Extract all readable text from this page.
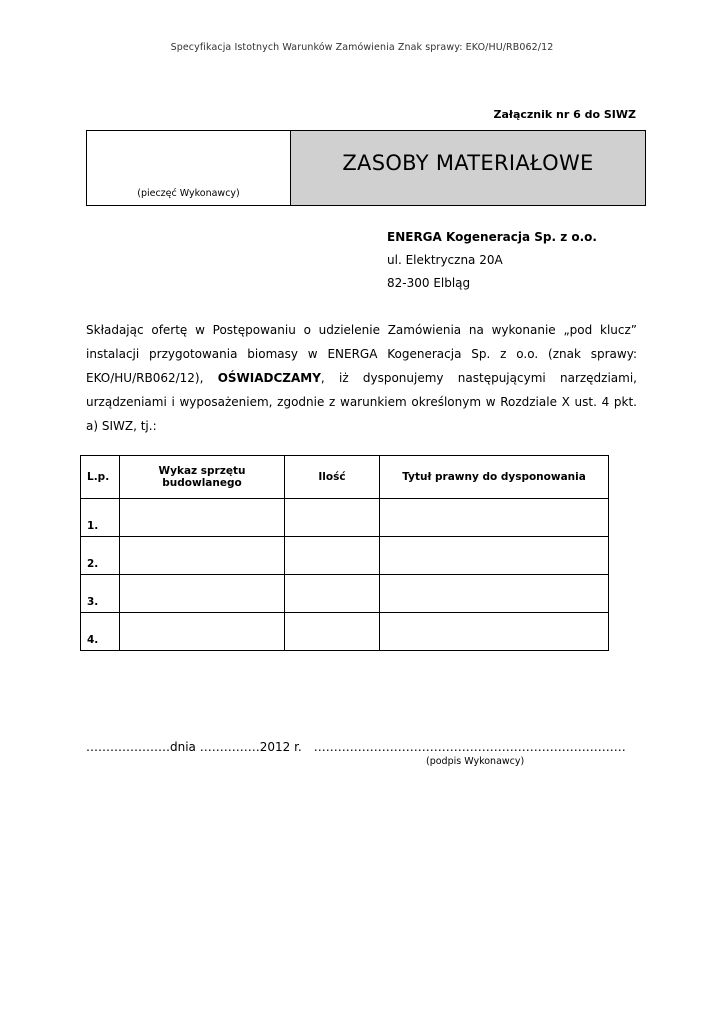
Specyfikacja Istotnych Warunków Zamówienia Znak sprawy: EKO/HU/RB062/12
Załącznik nr 6 do SIWZ
(pieczęć Wykonawcy)
ZASOBY MATERIAŁOWE
ENERGA Kogeneracja Sp. z o.o.
ul. Elektryczna 20A
82-300 Elbląg
Składając ofertę w Postępowaniu o udzielenie Zamówienia na wykonanie „pod klucz” instalacji przygotowania biomasy w ENERGA Kogeneracja Sp. z o.o. (znak sprawy: EKO/HU/RB062/12), OŚWIADCZAMY, iż dysponujemy następującymi narzędziami, urządzeniami i wyposażeniem, zgodnie z warunkiem określonym w Rozdziale X ust. 4 pkt. a) SIWZ, tj.:
L.p.	Wykaz sprzętu budowlanego	Ilość	Tytuł prawny do dysponowania
1.			
2.			
3.			
4.			
…………………dnia ……………2012 r. ……………………………………………………………………
(podpis Wykonawcy)
